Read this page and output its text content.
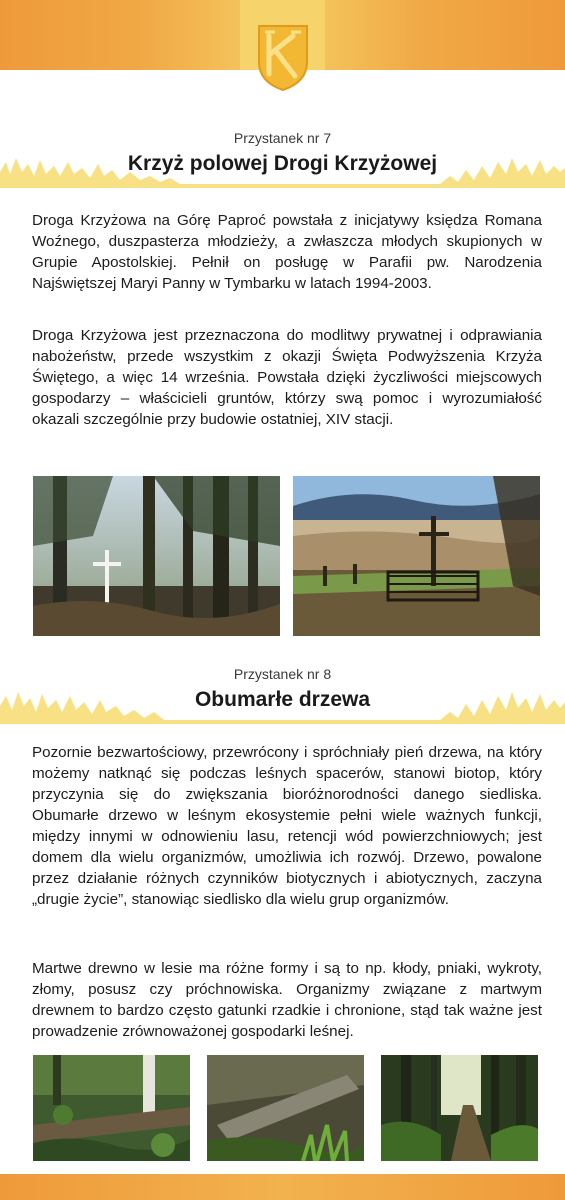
Przystanek nr 7
Krzyż polowej Drogi Krzyżowej

Droga Krzyżowa na Górę Paproć powstała z inicjatywy księdza Romana Woźnego, duszpasterza młodzieży, a zwłaszcza młodych skupionych w Grupie Apostolskiej. Pełnił on posługę w Parafii pw. Narodzenia Najświętszej Maryi Panny w Tymbarku w latach 1994-2003.

Droga Krzyżowa jest przeznaczona do modlitwy prywatnej i odprawiania nabożeństw, przede wszystkim z okazji Święta Podwyższenia Krzyża Świętego, a więc 14 września. Powstała dzięki życzliwości miejscowych gospodarzy – właścicieli gruntów, którzy swą pomoc i wyrozumiałość okazali szczególnie przy budowie ostatniej, XIV stacji.

Przystanek nr 8
Obumarłe drzewa

Pozornie bezwartościowy, przewrócony i spróchniały pień drzewa, na który możemy natknąć się podczas leśnych spacerów, stanowi biotop, który przyczynia się do zwiększania bioróżnorodności danego siedliska. Obumarłe drzewo w leśnym ekosystemie pełni wiele ważnych funkcji, między innymi w odnowieniu lasu, retencji wód powierzchniowych; jest domem dla wielu organizmów, umożliwia ich rozwój. Drzewo, powalone przez działanie różnych czynników biotycznych i abiotycznych, zaczyna „drugie życie”, stanowiąc siedlisko dla wielu grup organizmów.

Martwe drewno w lesie ma różne formy i są to np. kłody, pniaki, wykroty, złomy, posusz czy próchnowiska. Organizmy związane z martwym drewnem to bardzo często gatunki rzadkie i chronione, stąd tak ważne jest prowadzenie zrównoważonej gospodarki leśnej.
